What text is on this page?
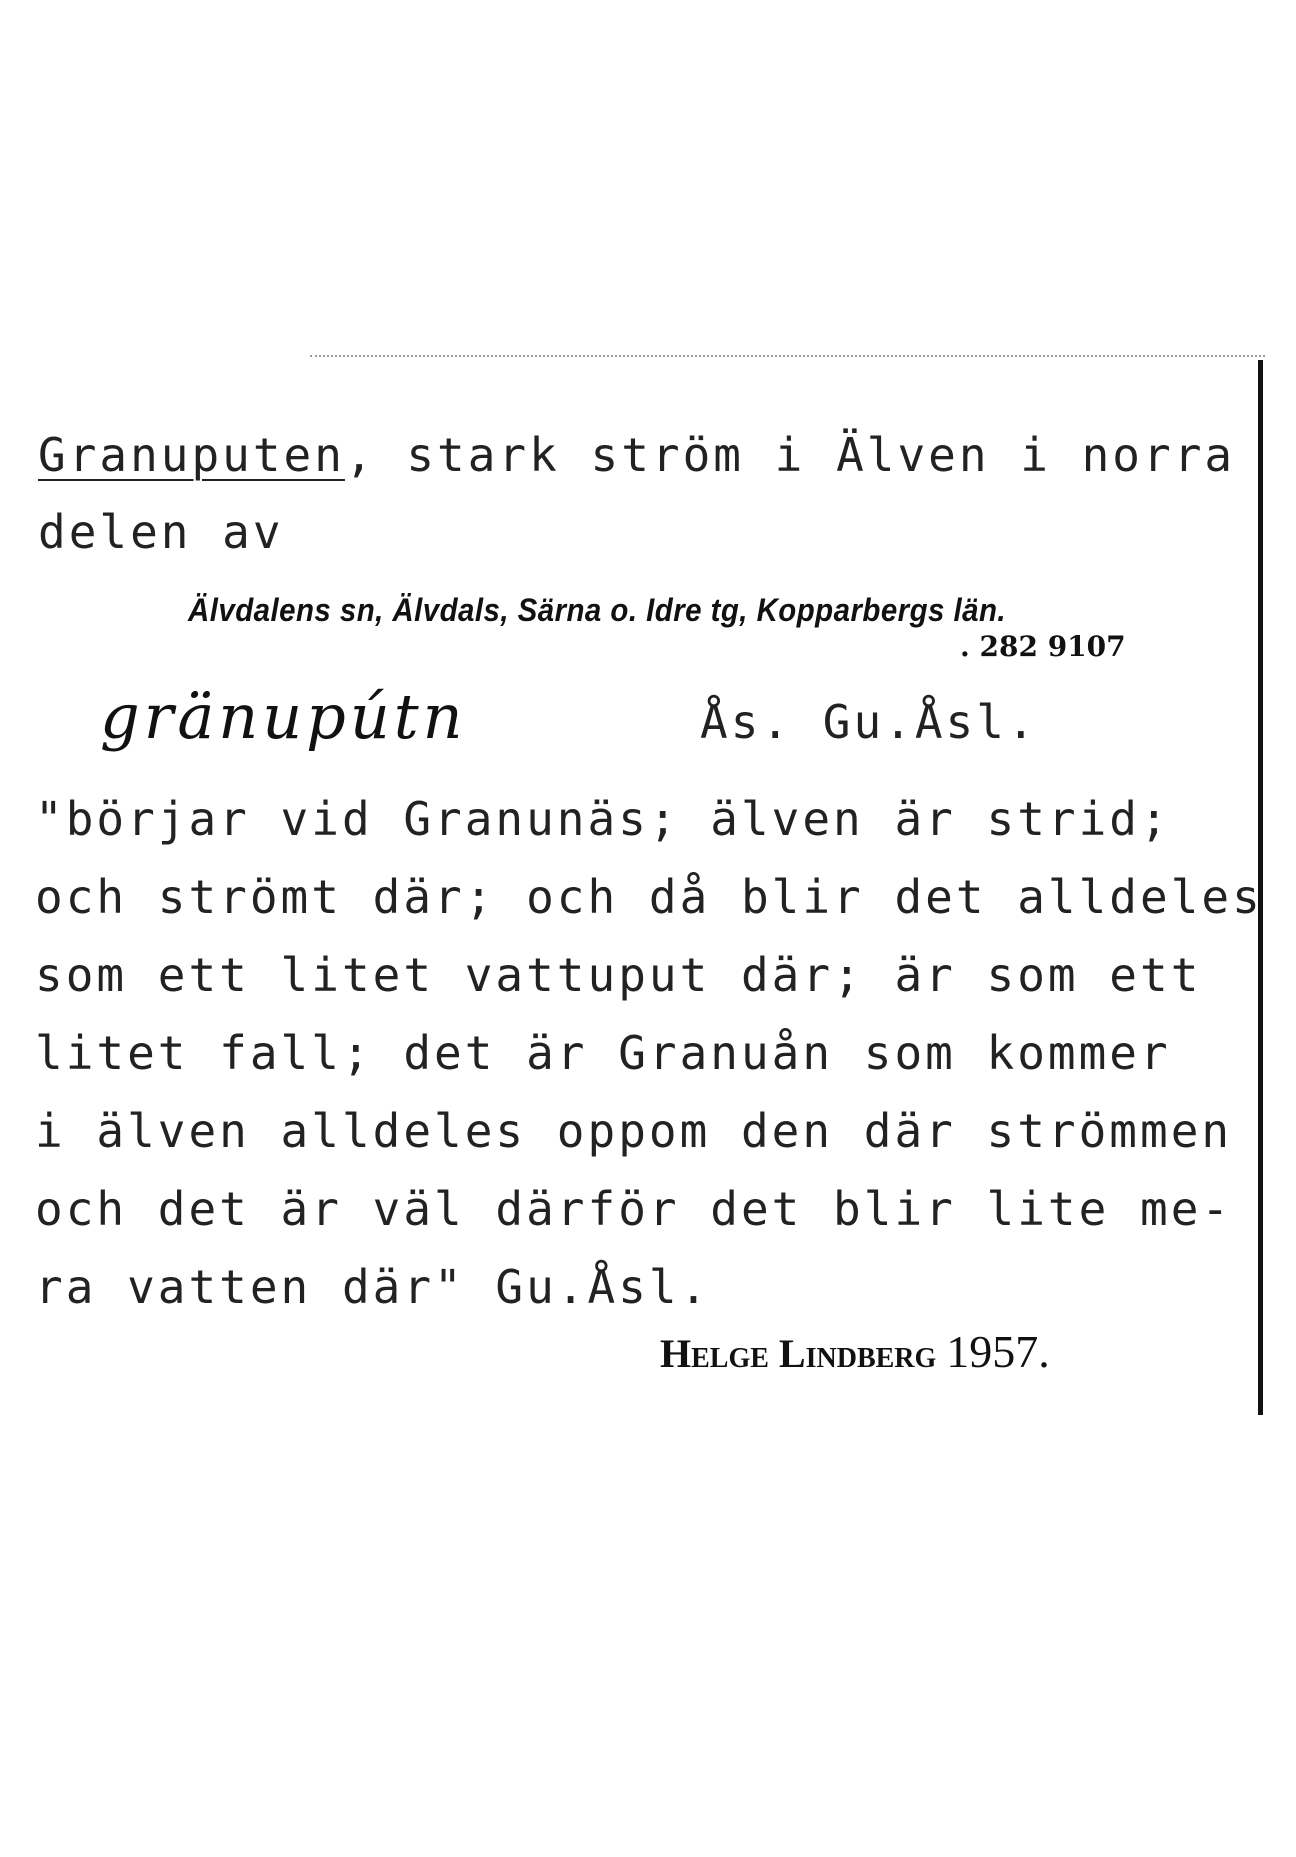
Granuputen, stark ström i Älven i norra
delen av
Älvdalens sn, Älvdals, Särna o. Idre tg, Kopparbergs län.
. 282 9107
gränupútn	Ås. Gu.Åsl.
"börjar vid Granunäs; älven är strid;
och strömt där; och då blir det alldeles
som ett litet vattuput där; är som ett
litet fall; det är Granuån som kommer
i älven alldeles oppom den där strömmen
och det är väl därför det blir lite me-
ra vatten där" Gu.Åsl.
Helge Lindberg 1957.
